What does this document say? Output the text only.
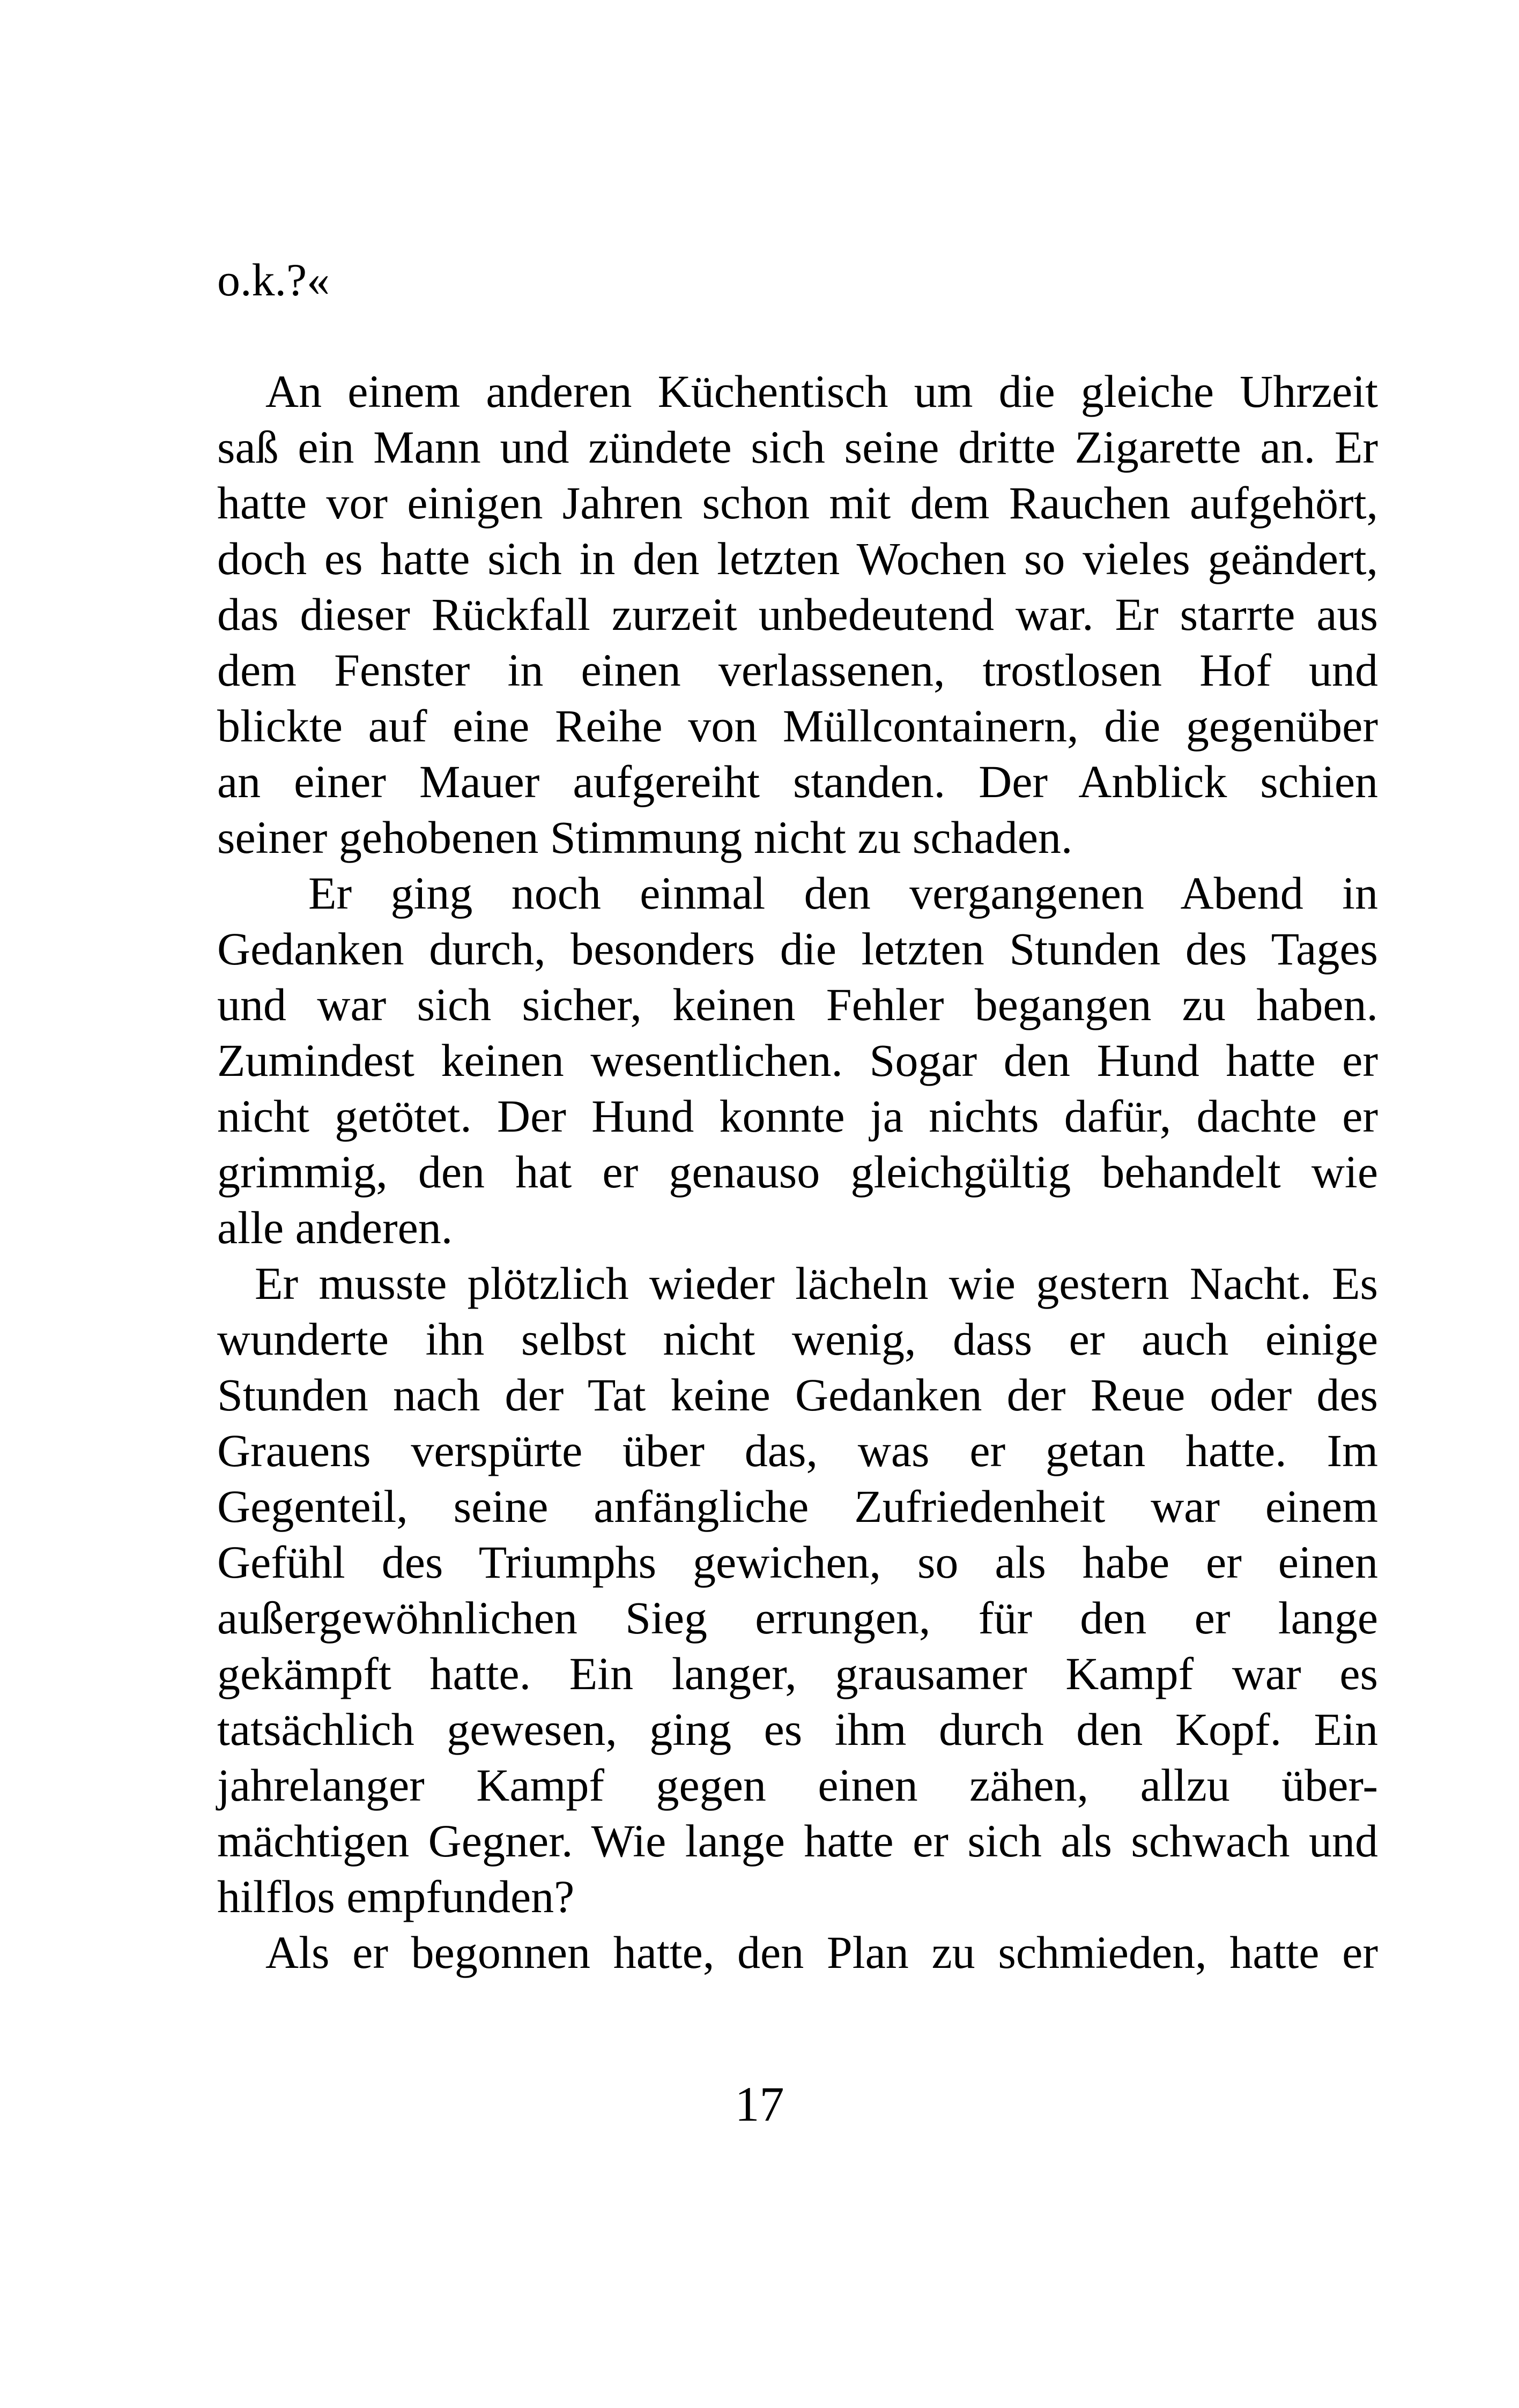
o.k.?«
An einem anderen Küchentisch um die gleiche Uhrzeit
saß ein Mann und zündete sich seine dritte Zigarette an. Er
hatte vor einigen Jahren schon mit dem Rauchen aufgehört,
doch es hatte sich in den letzten Wochen so vieles geändert,
das dieser Rückfall zurzeit unbedeutend war. Er starrte aus
dem Fenster in einen verlassenen, trostlosen Hof und
blickte auf eine Reihe von Müllcontainern, die gegenüber
an einer Mauer aufgereiht standen. Der Anblick schien
seiner gehobenen Stimmung nicht zu schaden.
Er ging noch einmal den vergangenen Abend in
Gedanken durch, besonders die letzten Stunden des Tages
und war sich sicher, keinen Fehler begangen zu haben.
Zumindest keinen wesentlichen. Sogar den Hund hatte er
nicht getötet. Der Hund konnte ja nichts dafür, dachte er
grimmig, den hat er genauso gleichgültig behandelt wie
alle anderen.
Er musste plötzlich wieder lächeln wie gestern Nacht. Es
wunderte ihn selbst nicht wenig, dass er auch einige
Stunden nach der Tat keine Gedanken der Reue oder des
Grauens verspürte über das, was er getan hatte. Im
Gegenteil, seine anfängliche Zufriedenheit war einem
Gefühl des Triumphs gewichen, so als habe er einen
außergewöhnlichen Sieg errungen, für den er lange
gekämpft hatte. Ein langer, grausamer Kampf war es
tatsächlich gewesen, ging es ihm durch den Kopf. Ein
jahrelanger Kampf gegen einen zähen, allzu über-
mächtigen Gegner. Wie lange hatte er sich als schwach und
hilflos empfunden?
Als er begonnen hatte, den Plan zu schmieden, hatte er
17
